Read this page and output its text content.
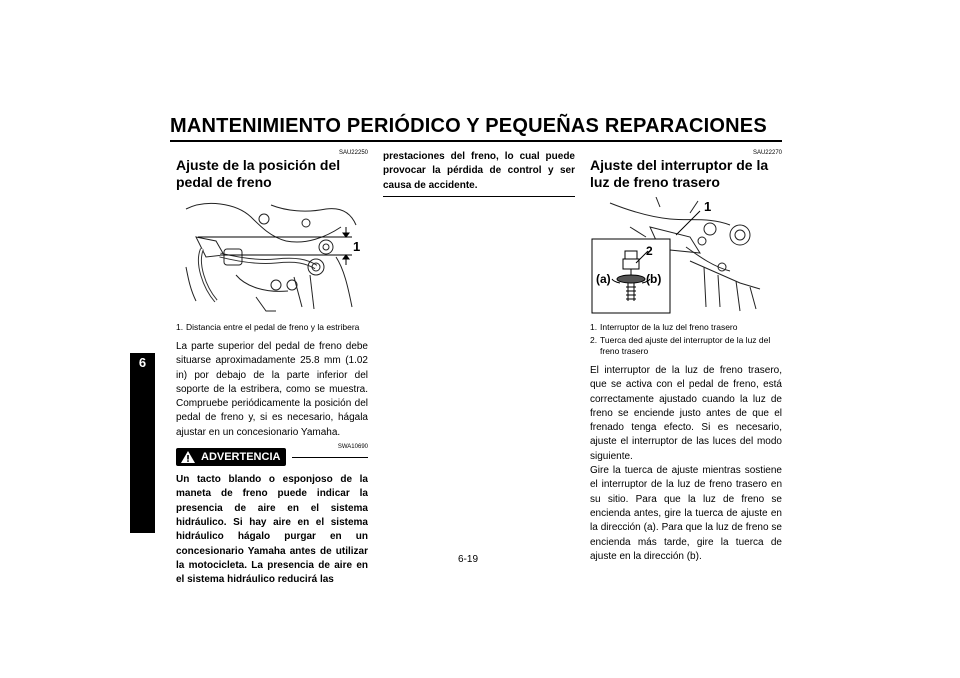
MANTENIMIENTO PERIÓDICO Y PEQUEÑAS REPARACIONES
6
SAU22250
Ajuste de la posición del pedal de freno
1
1. Distancia entre el pedal de freno y la estribera
La parte superior del pedal de freno debe situarse aproximadamente 25.8 mm (1.02 in) por debajo de la parte inferior del soporte de la estribera, como se muestra. Compruebe periódicamente la posición del pedal de freno y, si es necesario, hágala ajustar en un concesionario Yamaha.
SWA10690
ADVERTENCIA
Un tacto blando o esponjoso de la maneta de freno puede indicar la presencia de aire en el sistema hidráulico. Si hay aire en el sistema hidráulico hágalo purgar en un concesionario Yamaha antes de utilizar la motocicleta. La presencia de aire en el sistema hidráulico reducirá las
prestaciones del freno, lo cual puede provocar la pérdida de control y ser causa de accidente.
SAU22270
Ajuste del interruptor de la luz de freno trasero
1
2
(a)	(b)
1. Interruptor de la luz del freno trasero
2. Tuerca ded ajuste del interruptor de la luz del freno trasero
El interruptor de la luz de freno trasero, que se activa con el pedal de freno, está correctamente ajustado cuando la luz de freno se enciende justo antes de que el frenado tenga efecto. Si es necesario, ajuste el interruptor de las luces del modo siguiente.
Gire la tuerca de ajuste mientras sostiene el interruptor de la luz de freno trasero en su sitio. Para que la luz de freno se encienda antes, gire la tuerca de ajuste en la dirección (a). Para que la luz de freno se encienda más tarde, gire la tuerca de ajuste en la dirección (b).
6-19
